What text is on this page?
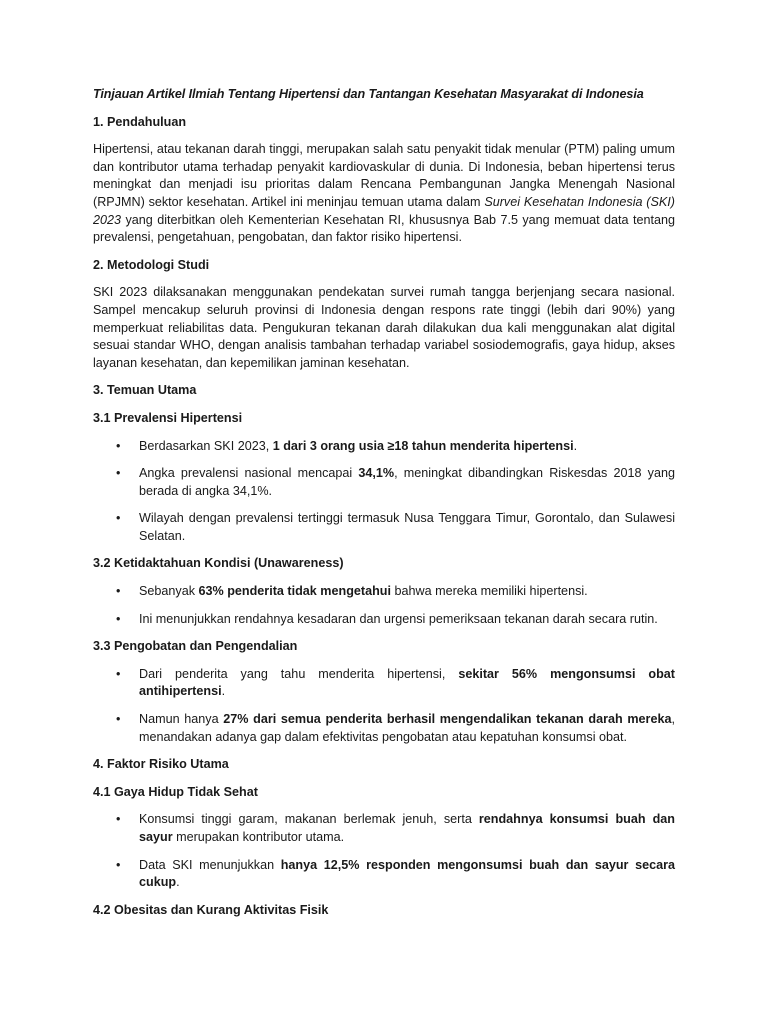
Tinjauan Artikel Ilmiah Tentang Hipertensi dan Tantangan Kesehatan Masyarakat di Indonesia
1. Pendahuluan

Hipertensi, atau tekanan darah tinggi, merupakan salah satu penyakit tidak menular (PTM) paling umum dan kontributor utama terhadap penyakit kardiovaskular di dunia. Di Indonesia, beban hipertensi terus meningkat dan menjadi isu prioritas dalam Rencana Pembangunan Jangka Menengah Nasional (RPJMN) sektor kesehatan. Artikel ini meninjau temuan utama dalam Survei Kesehatan Indonesia (SKI) 2023 yang diterbitkan oleh Kementerian Kesehatan RI, khususnya Bab 7.5 yang memuat data tentang prevalensi, pengetahuan, pengobatan, dan faktor risiko hipertensi.

2. Metodologi Studi

SKI 2023 dilaksanakan menggunakan pendekatan survei rumah tangga berjenjang secara nasional. Sampel mencakup seluruh provinsi di Indonesia dengan respons rate tinggi (lebih dari 90%) yang memperkuat reliabilitas data. Pengukuran tekanan darah dilakukan dua kali menggunakan alat digital sesuai standar WHO, dengan analisis tambahan terhadap variabel sosiodemografis, gaya hidup, akses layanan kesehatan, dan kepemilikan jaminan kesehatan.

3. Temuan Utama
3.1 Prevalensi Hipertensi
• Berdasarkan SKI 2023, 1 dari 3 orang usia ≥18 tahun menderita hipertensi.
• Angka prevalensi nasional mencapai 34,1%, meningkat dibandingkan Riskesdas 2018 yang berada di angka 34,1%.
• Wilayah dengan prevalensi tertinggi termasuk Nusa Tenggara Timur, Gorontalo, dan Sulawesi Selatan.
3.2 Ketidaktahuan Kondisi (Unawareness)
• Sebanyak 63% penderita tidak mengetahui bahwa mereka memiliki hipertensi.
• Ini menunjukkan rendahnya kesadaran dan urgensi pemeriksaan tekanan darah secara rutin.
3.3 Pengobatan dan Pengendalian
• Dari penderita yang tahu menderita hipertensi, sekitar 56% mengonsumsi obat antihipertensi.
• Namun hanya 27% dari semua penderita berhasil mengendalikan tekanan darah mereka, menandakan adanya gap dalam efektivitas pengobatan atau kepatuhan konsumsi obat.
4. Faktor Risiko Utama
4.1 Gaya Hidup Tidak Sehat
• Konsumsi tinggi garam, makanan berlemak jenuh, serta rendahnya konsumsi buah dan sayur merupakan kontributor utama.
• Data SKI menunjukkan hanya 12,5% responden mengonsumsi buah dan sayur secara cukup.
4.2 Obesitas dan Kurang Aktivitas Fisik
